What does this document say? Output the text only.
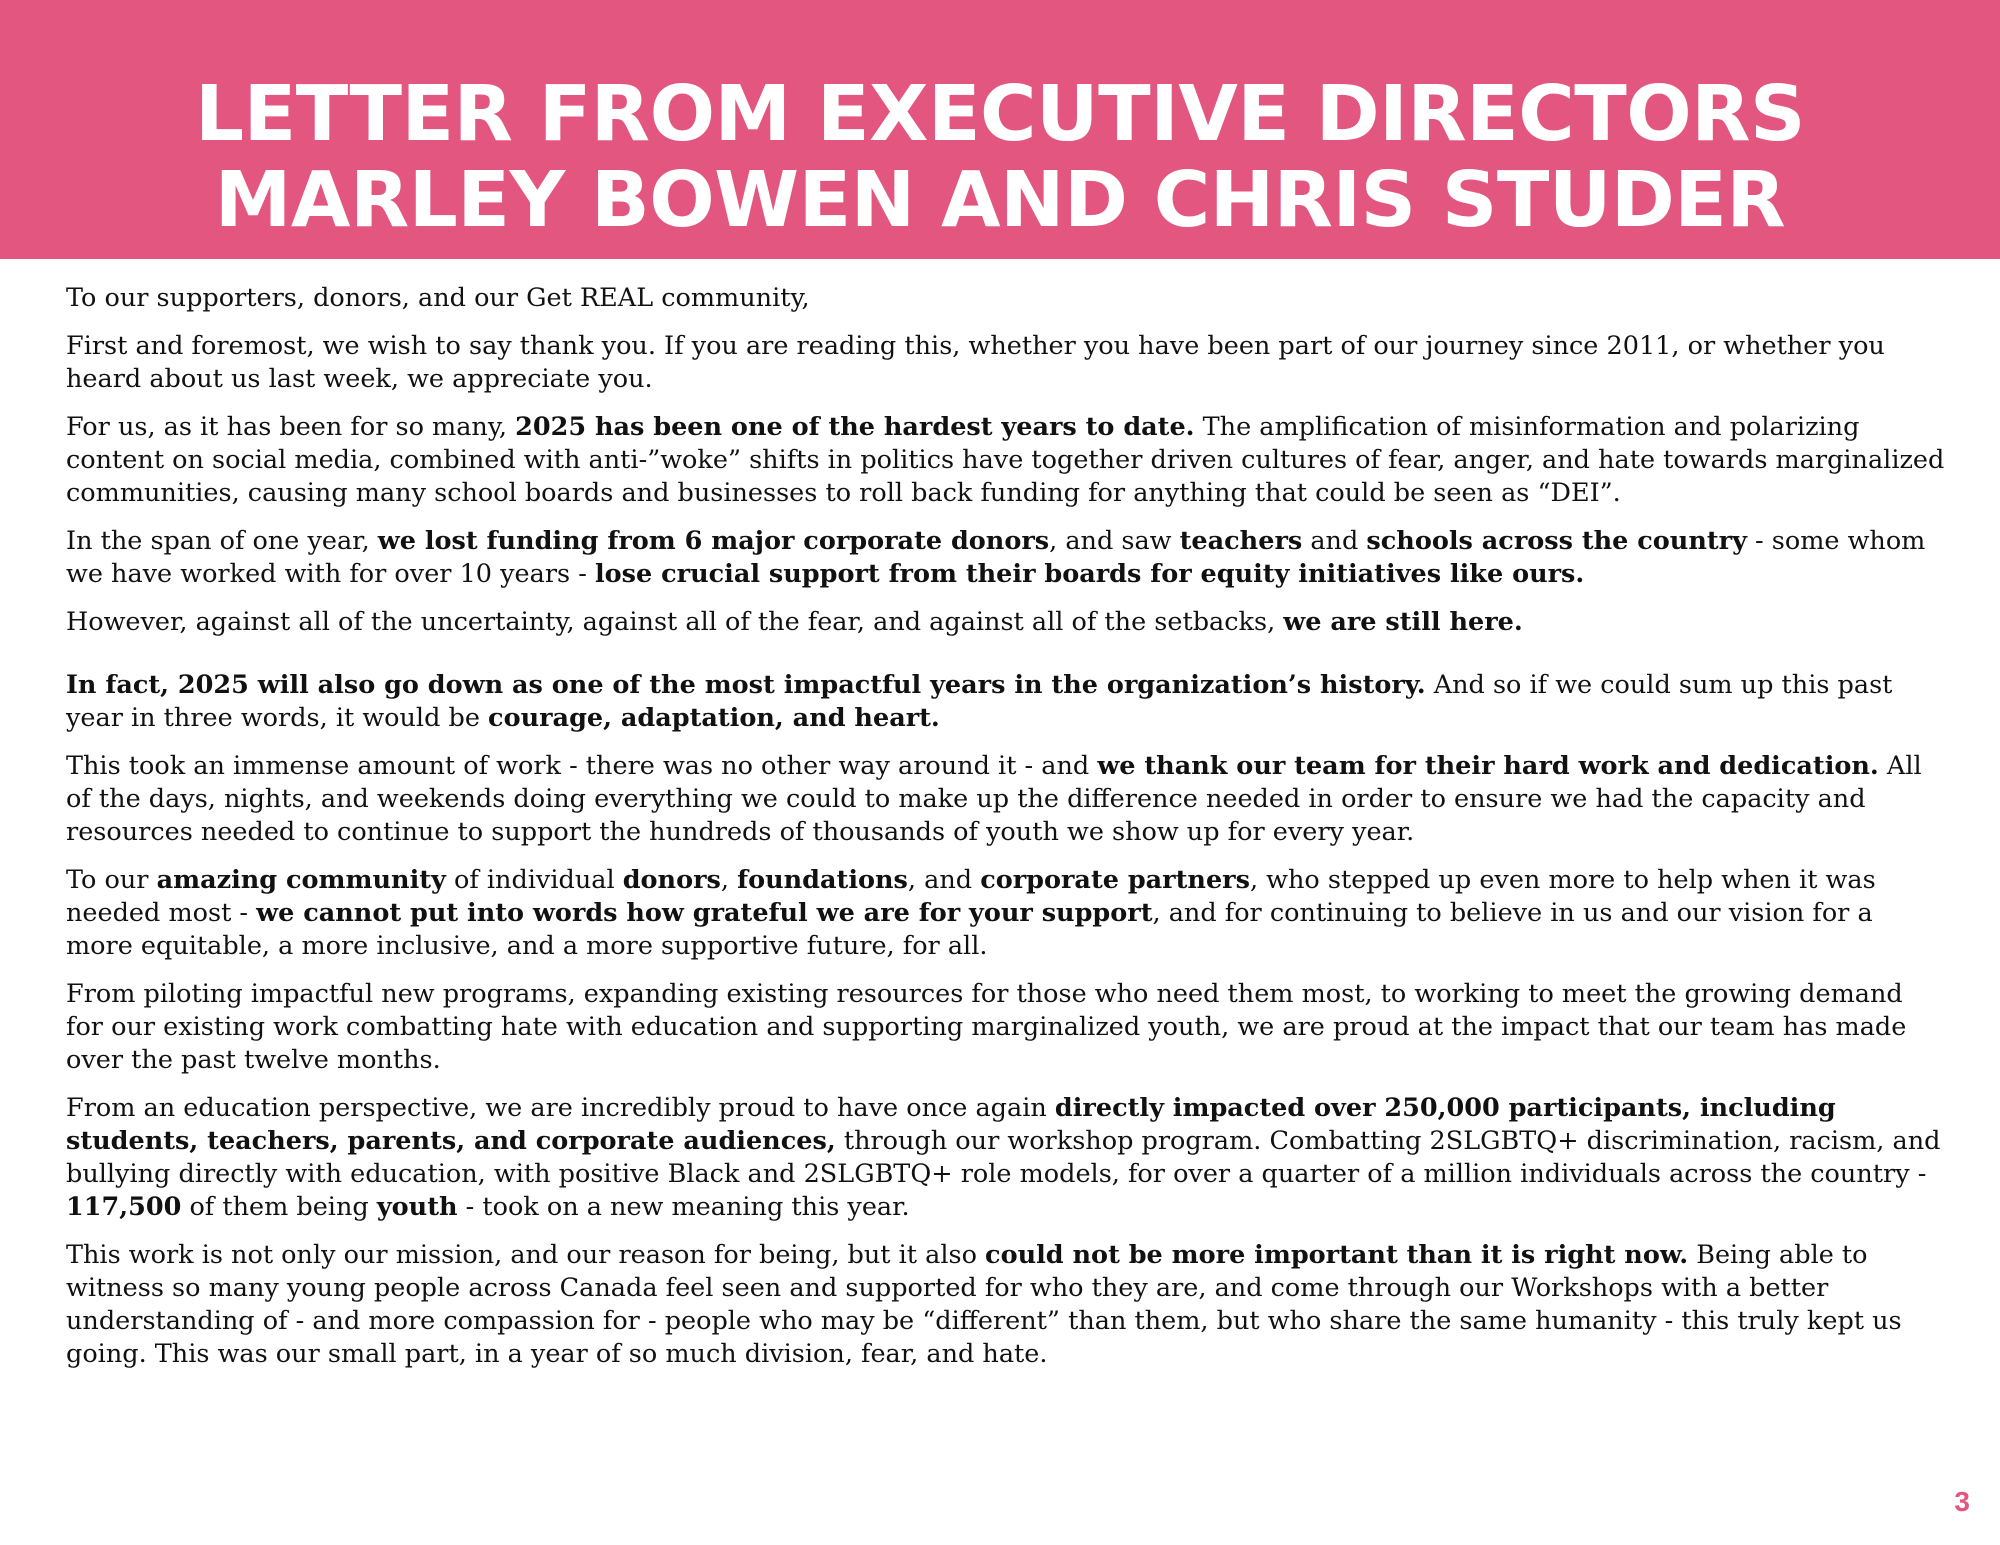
LETTER FROM EXECUTIVE DIRECTORS
MARLEY BOWEN AND CHRIS STUDER

To our supporters, donors, and our Get REAL community,

First and foremost, we wish to say thank you. If you are reading this, whether you have been part of our journey since 2011, or whether you heard about us last week, we appreciate you.

For us, as it has been for so many, 2025 has been one of the hardest years to date. The amplification of misinformation and polarizing content on social media, combined with anti-”woke” shifts in politics have together driven cultures of fear, anger, and hate towards marginalized communities, causing many school boards and businesses to roll back funding for anything that could be seen as “DEI”.

In the span of one year, we lost funding from 6 major corporate donors, and saw teachers and schools across the country - some whom we have worked with for over 10 years - lose crucial support from their boards for equity initiatives like ours.

However, against all of the uncertainty, against all of the fear, and against all of the setbacks, we are still here.

In fact, 2025 will also go down as one of the most impactful years in the organization’s history. And so if we could sum up this past year in three words, it would be courage, adaptation, and heart.

This took an immense amount of work - there was no other way around it - and we thank our team for their hard work and dedication. All of the days, nights, and weekends doing everything we could to make up the difference needed in order to ensure we had the capacity and resources needed to continue to support the hundreds of thousands of youth we show up for every year.

To our amazing community of individual donors, foundations, and corporate partners, who stepped up even more to help when it was needed most - we cannot put into words how grateful we are for your support, and for continuing to believe in us and our vision for a more equitable, a more inclusive, and a more supportive future, for all.

From piloting impactful new programs, expanding existing resources for those who need them most, to working to meet the growing demand for our existing work combatting hate with education and supporting marginalized youth, we are proud at the impact that our team has made over the past twelve months.

From an education perspective, we are incredibly proud to have once again directly impacted over 250,000 participants, including students, teachers, parents, and corporate audiences, through our workshop program. Combatting 2SLGBTQ+ discrimination, racism, and bullying directly with education, with positive Black and 2SLGBTQ+ role models, for over a quarter of a million individuals across the country - 117,500 of them being youth - took on a new meaning this year.

This work is not only our mission, and our reason for being, but it also could not be more important than it is right now. Being able to witness so many young people across Canada feel seen and supported for who they are, and come through our Workshops with a better understanding of - and more compassion for - people who may be “different” than them, but who share the same humanity - this truly kept us going. This was our small part, in a year of so much division, fear, and hate.

3
